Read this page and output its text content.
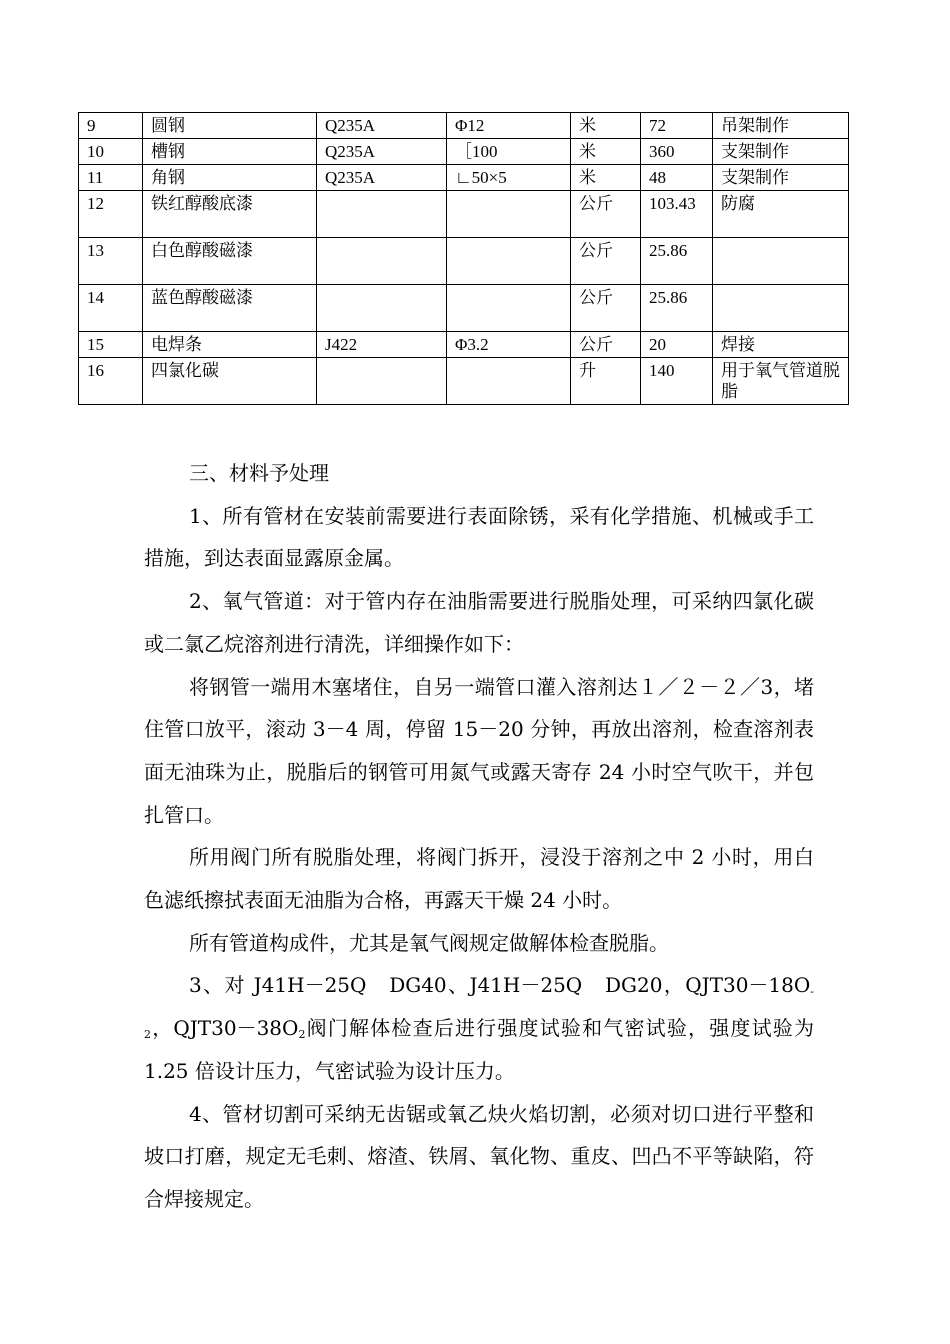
9	圆钢	Q235A	Φ12	米	72	吊架制作
10	槽钢	Q235A	［100	米	360	支架制作
11	角钢	Q235A	∟50×5	米	48	支架制作
12	铁红醇酸底漆			公斤	103.43	防腐
13	白色醇酸磁漆			公斤	25.86	
14	蓝色醇酸磁漆			公斤	25.86	
15	电焊条	J422	Φ3.2	公斤	20	焊接
16	四氯化碳			升	140	用于氧气管道脱脂

三、材料予处理

1、所有管材在安装前需要进行表面除锈，采有化学措施、机械或手工措施，到达表面显露原金属。

2、氧气管道：对于管内存在油脂需要进行脱脂处理，可采纳四氯化碳或二氯乙烷溶剂进行清洗，详细操作如下：

将钢管一端用木塞堵住，自另一端管口灌入溶剂达１／２－２／3，堵住管口放平，滚动 3－4 周，停留 15－20 分钟，再放出溶剂，检查溶剂表面无油珠为止，脱脂后的钢管可用氮气或露天寄存 24 小时空气吹干，并包扎管口。

所用阀门所有脱脂处理，将阀门拆开，浸没于溶剂之中 2 小时，用白色滤纸擦拭表面无油脂为合格，再露天干燥 24 小时。

所有管道构成件，尤其是氧气阀规定做解体检查脱脂。

3、对 J41H－25Q　DG40、J41H－25Q　DG20，$QJT30-18O_{-2}$，$QJT30-38O_2$阀门解体检查后进行强度试验和气密试验，强度试验为 1.25 倍设计压力，气密试验为设计压力。

4、管材切割可采纳无齿锯或氧乙炔火焰切割，必须对切口进行平整和坡口打磨，规定无毛刺、熔渣、铁屑、氧化物、重皮、凹凸不平等缺陷，符合焊接规定。
